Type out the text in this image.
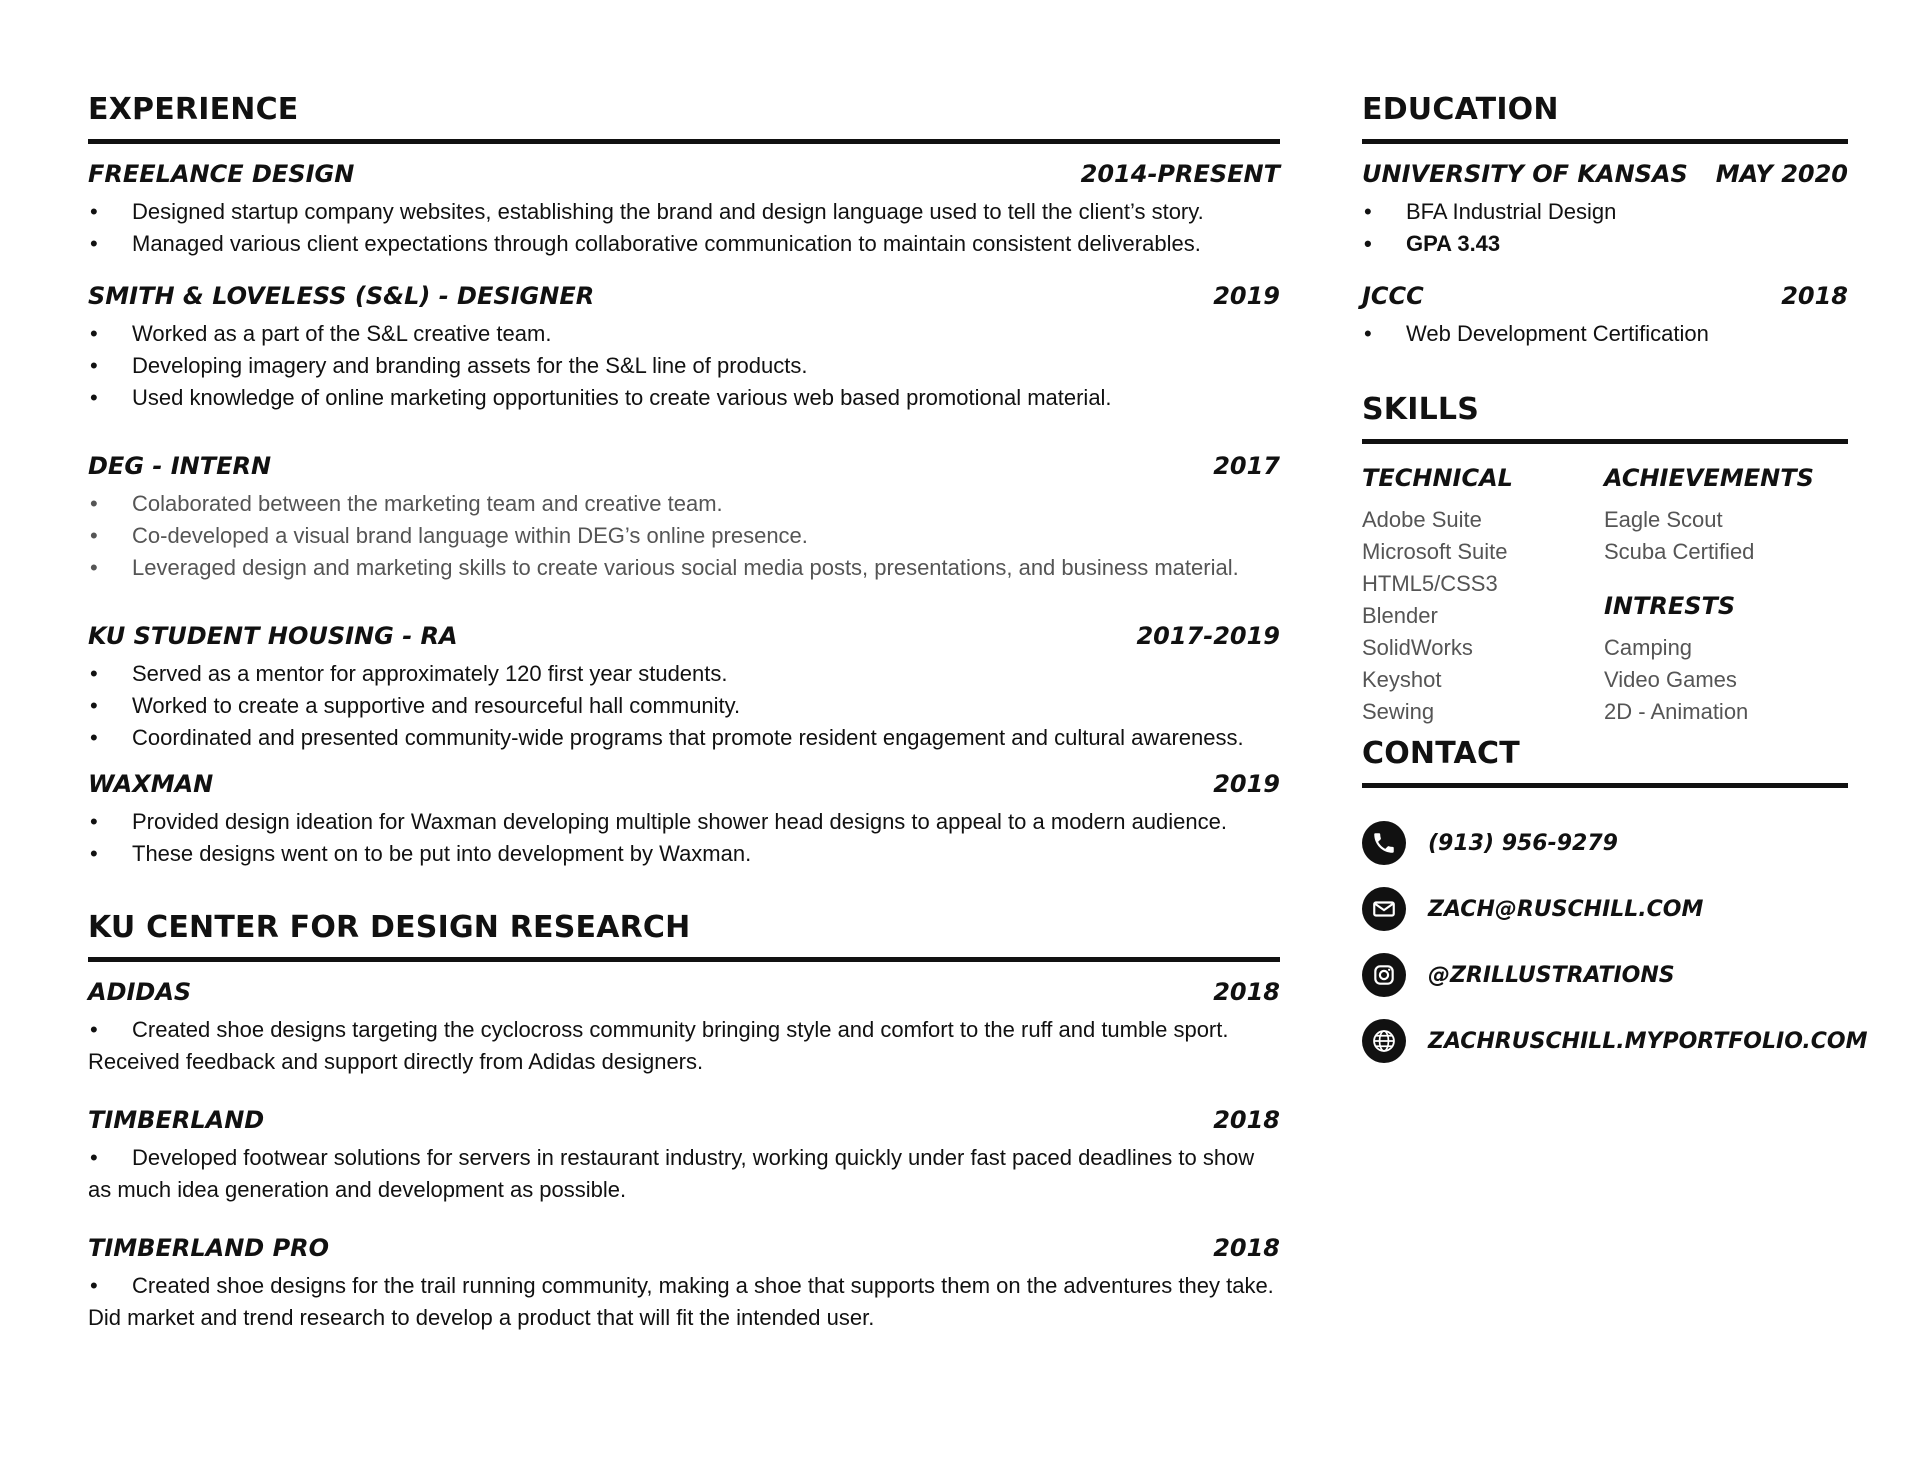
EXPERIENCE
FREELANCE DESIGN	2014-PRESENT
• Designed startup company websites, establishing the brand and design language used to tell the client’s story.
• Managed various client expectations through collaborative communication to maintain consistent deliverables.
SMITH & LOVELESS (S&L) - DESIGNER	2019
• Worked as a part of the S&L creative team.
• Developing imagery and branding assets for the S&L line of products.
• Used knowledge of online marketing opportunities to create various web based promotional material.
DEG - INTERN	2017
• Colaborated between the marketing team and creative team.
• Co-developed a visual brand language within DEG’s online presence.
• Leveraged design and marketing skills to create various social media posts, presentations, and business material.
KU STUDENT HOUSING - RA	2017-2019
• Served as a mentor for approximately 120 first year students.
• Worked to create a supportive and resourceful hall community.
• Coordinated and presented community-wide programs that promote resident engagement and cultural awareness.
WAXMAN	2019
• Provided design ideation for Waxman developing multiple shower head designs to appeal to a modern audience.
• These designs went on to be put into development by Waxman.
KU CENTER FOR DESIGN RESEARCH
ADIDAS	2018
• Created shoe designs targeting the cyclocross community bringing style and comfort to the ruff and tumble sport. Received feedback and support directly from Adidas designers.
TIMBERLAND	2018
• Developed footwear solutions for servers in restaurant industry, working quickly under fast paced deadlines to show as much idea generation and development as possible.
TIMBERLAND PRO	2018
• Created shoe designs for the trail running community, making a shoe that supports them on the adventures they take. Did market and trend research to develop a product that will fit the intended user.
EDUCATION
UNIVERSITY OF KANSAS MAY 2020
• BFA Industrial Design
• GPA 3.43
JCCC	2018
• Web Development Certification
SKILLS
TECHNICAL
Adobe Suite
Microsoft Suite
HTML5/CSS3
Blender
SolidWorks
Keyshot
Sewing
ACHIEVEMENTS
Eagle Scout
Scuba Certified
INTRESTS
Camping
Video Games
2D - Animation
CONTACT
(913) 956-9279
ZACH@RUSCHILL.COM
@ZRILLUSTRATIONS
ZACHRUSCHILL.MYPORTFOLIO.COM
